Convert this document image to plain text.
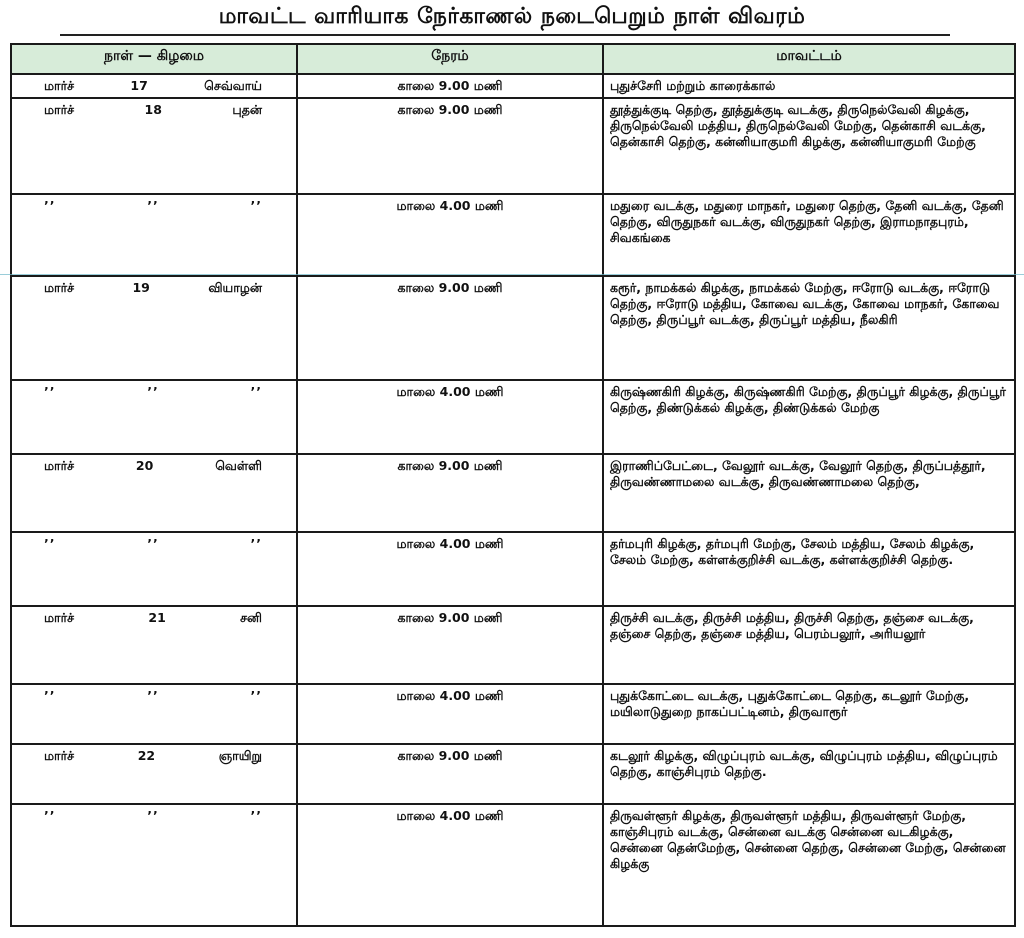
மாவட்ட வாரியாக நேர்காணல் நடைபெறும் நாள் விவரம்
நாள் — கிழமை	நேரம்	மாவட்டம்

மார்ச் 17 செவ்வாய்	காலை 9.00 மணி	புதுச்சேரி மற்றும் காரைக்கால்

மார்ச் 18 புதன்	காலை 9.00 மணி	தூத்துக்குடி தெற்கு, தூத்துக்குடி வடக்கு, திருநெல்வேலி கிழக்கு, திருநெல்வேலி மத்திய, திருநெல்வேலி மேற்கு, தென்காசி வடக்கு, தென்காசி தெற்கு, கன்னியாகுமரி கிழக்கு, கன்னியாகுமரி மேற்கு

’’ ’’ ’’	மாலை 4.00 மணி	மதுரை வடக்கு, மதுரை மாநகர், மதுரை தெற்கு, தேனி வடக்கு, தேனி தெற்கு, விருதுநகர் வடக்கு, விருதுநகர் தெற்கு, இராமநாதபுரம், சிவகங்கை

மார்ச் 19 வியாழன்	காலை 9.00 மணி	கரூர், நாமக்கல் கிழக்கு, நாமக்கல் மேற்கு, ஈரோடு வடக்கு, ஈரோடு தெற்கு, ஈரோடு மத்திய, கோவை வடக்கு, கோவை மாநகர், கோவை தெற்கு, திருப்பூர் வடக்கு, திருப்பூர் மத்திய, நீலகிரி

’’ ’’ ’’	மாலை 4.00 மணி	கிருஷ்ணகிரி கிழக்கு, கிருஷ்ணகிரி மேற்கு, திருப்பூர் கிழக்கு, திருப்பூர் தெற்கு, திண்டுக்கல் கிழக்கு, திண்டுக்கல் மேற்கு

மார்ச் 20 வெள்ளி	காலை 9.00 மணி	இராணிப்பேட்டை, வேலூர் வடக்கு, வேலூர் தெற்கு, திருப்பத்தூர், திருவண்ணாமலை வடக்கு, திருவண்ணாமலை தெற்கு,

’’ ’’ ’’	மாலை 4.00 மணி	தர்மபுரி கிழக்கு, தர்மபுரி மேற்கு, சேலம் மத்திய, சேலம் கிழக்கு, சேலம் மேற்கு, கள்ளக்குறிச்சி வடக்கு, கள்ளக்குறிச்சி தெற்கு.

மார்ச் 21 சனி	காலை 9.00 மணி	திருச்சி வடக்கு, திருச்சி மத்திய, திருச்சி தெற்கு, தஞ்சை வடக்கு, தஞ்சை தெற்கு, தஞ்சை மத்திய, பெரம்பலூர், அரியலூர்

’’ ’’ ’’	மாலை 4.00 மணி	புதுக்கோட்டை வடக்கு, புதுக்கோட்டை தெற்கு, கடலூர் மேற்கு, மயிலாடுதுறை நாகப்பட்டினம், திருவாரூர்

மார்ச் 22 ஞாயிறு	காலை 9.00 மணி	கடலூர் கிழக்கு, விழுப்புரம் வடக்கு, விழுப்புரம் மத்திய, விழுப்புரம் தெற்கு, காஞ்சிபுரம் தெற்கு.

’’ ’’ ’’	மாலை 4.00 மணி	திருவள்ளூர் கிழக்கு, திருவள்ளூர் மத்திய, திருவள்ளூர் மேற்கு, காஞ்சிபுரம் வடக்கு, சென்னை வடக்கு சென்னை வடகிழக்கு, சென்னை தென்மேற்கு, சென்னை தெற்கு, சென்னை மேற்கு, சென்னை கிழக்கு
